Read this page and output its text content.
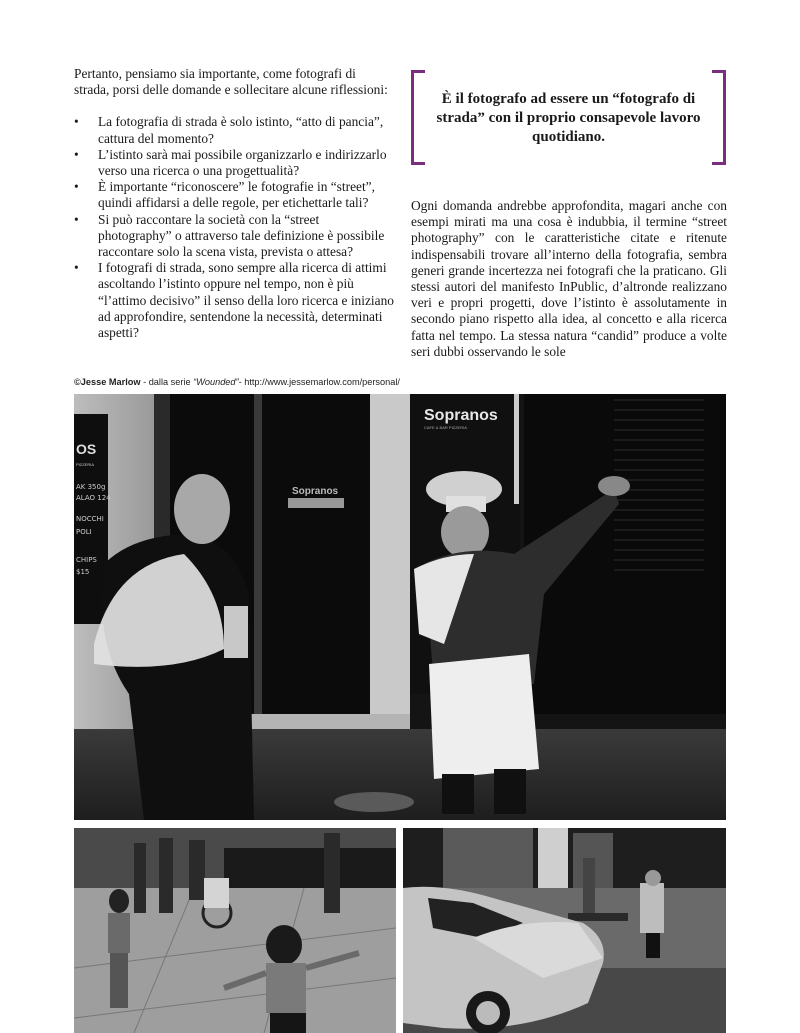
Pertanto, pensiamo sia importante, come fotografi di strada, porsi delle domande e sollecitare alcune riflessioni:

• La fotografia di strada è solo istinto, “atto di pancia”, cattura del momento?
• L’istinto sarà mai possibile organizzarlo e indirizzarlo verso una ricerca o una progettualità?
• È importante “riconoscere” le fotografie in “street”, quindi affidarsi a delle regole, per etichettarle tali?
• Si può raccontare la società con la “street photography” o attraverso tale definizione è possibile raccontare solo la scena vista, prevista o attesa?
• I fotografi di strada, sono sempre alla ricerca di attimi ascoltando l’istinto oppure nel tempo, non è più “l’attimo decisivo” il senso della loro ricerca e iniziano ad approfondire, sentendone la necessità, determinati aspetti?
È il fotografo ad essere un “fotografo di strada” con il proprio consapevole lavoro quotidiano.

Ogni domanda andrebbe approfondita, magari anche con esempi mirati ma una cosa è indubbia, il termine “street photography” con le caratteristiche citate e ritenute indispensabili trovare all’interno della fotografia, sembra generi grande incertezza nei fotografi che la praticano. Gli stessi autori del manifesto InPublic, d’altronde realizzano veri e propri progetti, dove l’istinto è assolutamente in secondo piano rispetto alla idea, al concetto e alla ricerca fatta nel tempo. La stessa natura “candid” produce a volte seri dubbi osservando le sole

©Jesse Marlow - dalla serie “Wounded”- http://www.jessemarlow.com/personal/
OS
PIZZERIA
AK 350g
ALAO 124
NOCCHI
POLI
CHIPS
$15
Sopranos
Sopranos
CAFE & BAR PIZZERIA
